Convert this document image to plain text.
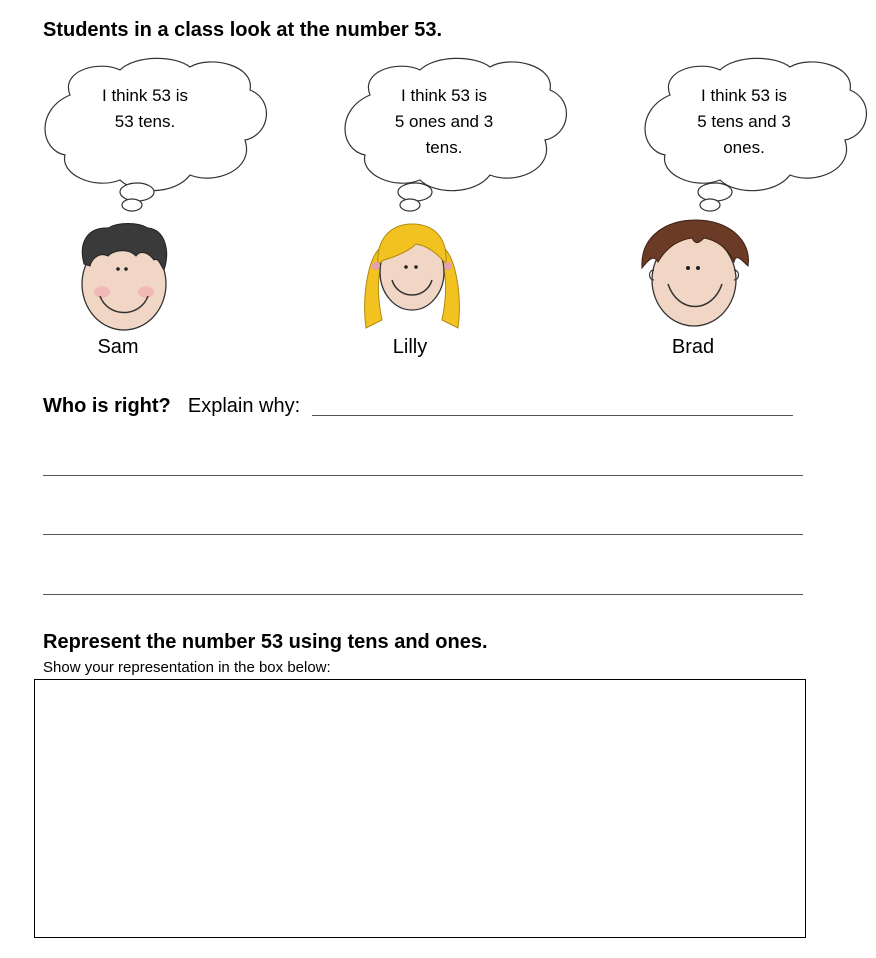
Students in a class look at the number 53.
I think 53 is
53 tens.
I think 53 is
5 ones and 3
tens.
I think 53 is
5 tens and 3
ones.
Sam	Lilly	Brad
Who is right? Explain why:
Represent the number 53 using tens and ones.
Show your representation in the box below:
